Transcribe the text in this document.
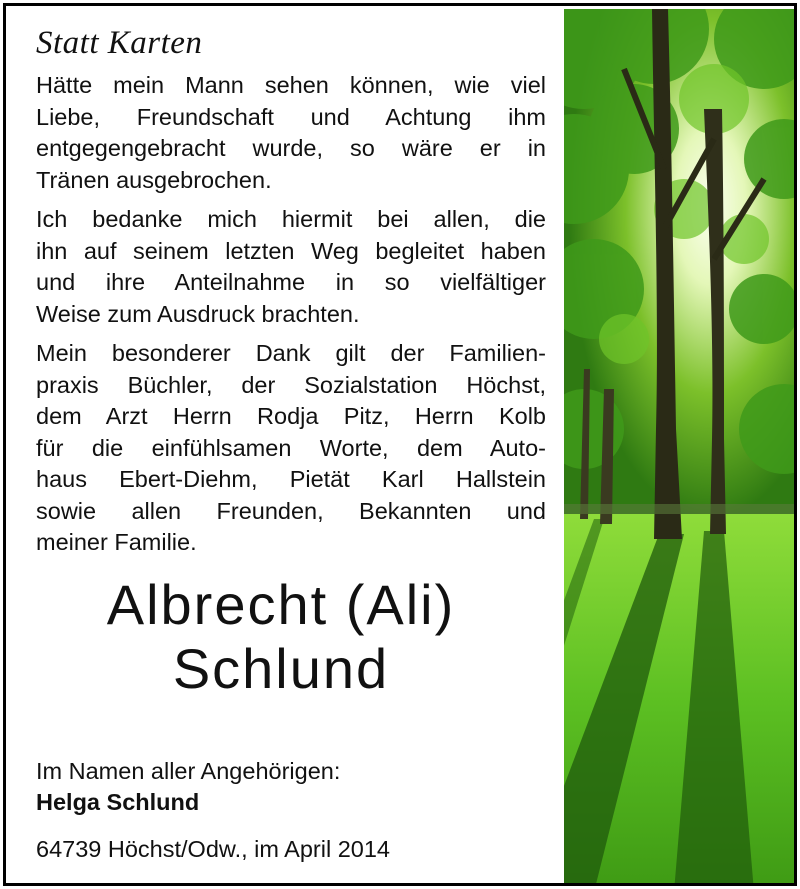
Statt Karten
Hätte mein Mann sehen können, wie viel
Liebe, Freundschaft und Achtung ihm
entgegengebracht wurde, so wäre er in
Tränen ausgebrochen.
Ich bedanke mich hiermit bei allen, die
ihn auf seinem letzten Weg begleitet haben
und ihre Anteilnahme in so vielfältiger
Weise zum Ausdruck brachten.
Mein besonderer Dank gilt der Familien-
praxis Büchler, der Sozialstation Höchst,
dem Arzt Herrn Rodja Pitz, Herrn Kolb
für die einfühlsamen Worte, dem Auto-
haus Ebert-Diehm, Pietät Karl Hallstein
sowie allen Freunden, Bekannten und
meiner Familie.
Albrecht (Ali)
Schlund
Im Namen aller Angehörigen:
Helga Schlund
64739 Höchst/Odw., im April 2014
